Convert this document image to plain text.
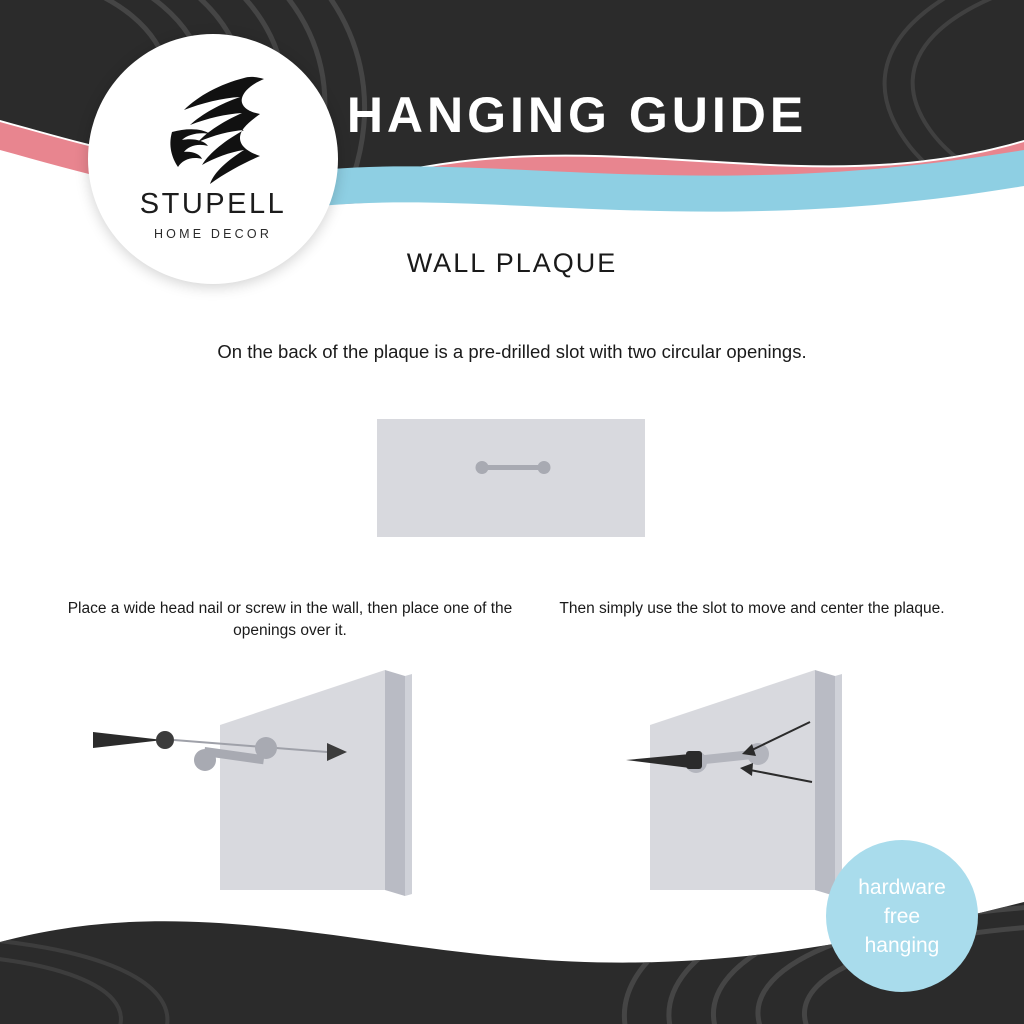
HANGING GUIDE
STUPELL
HOME DECOR
WALL PLAQUE
On the back of the plaque is a pre-drilled slot with two circular openings.
Place a wide head nail or screw in the wall, then place one of the openings over it.
Then simply use the slot to move and center the plaque.
hardware
free
hanging
